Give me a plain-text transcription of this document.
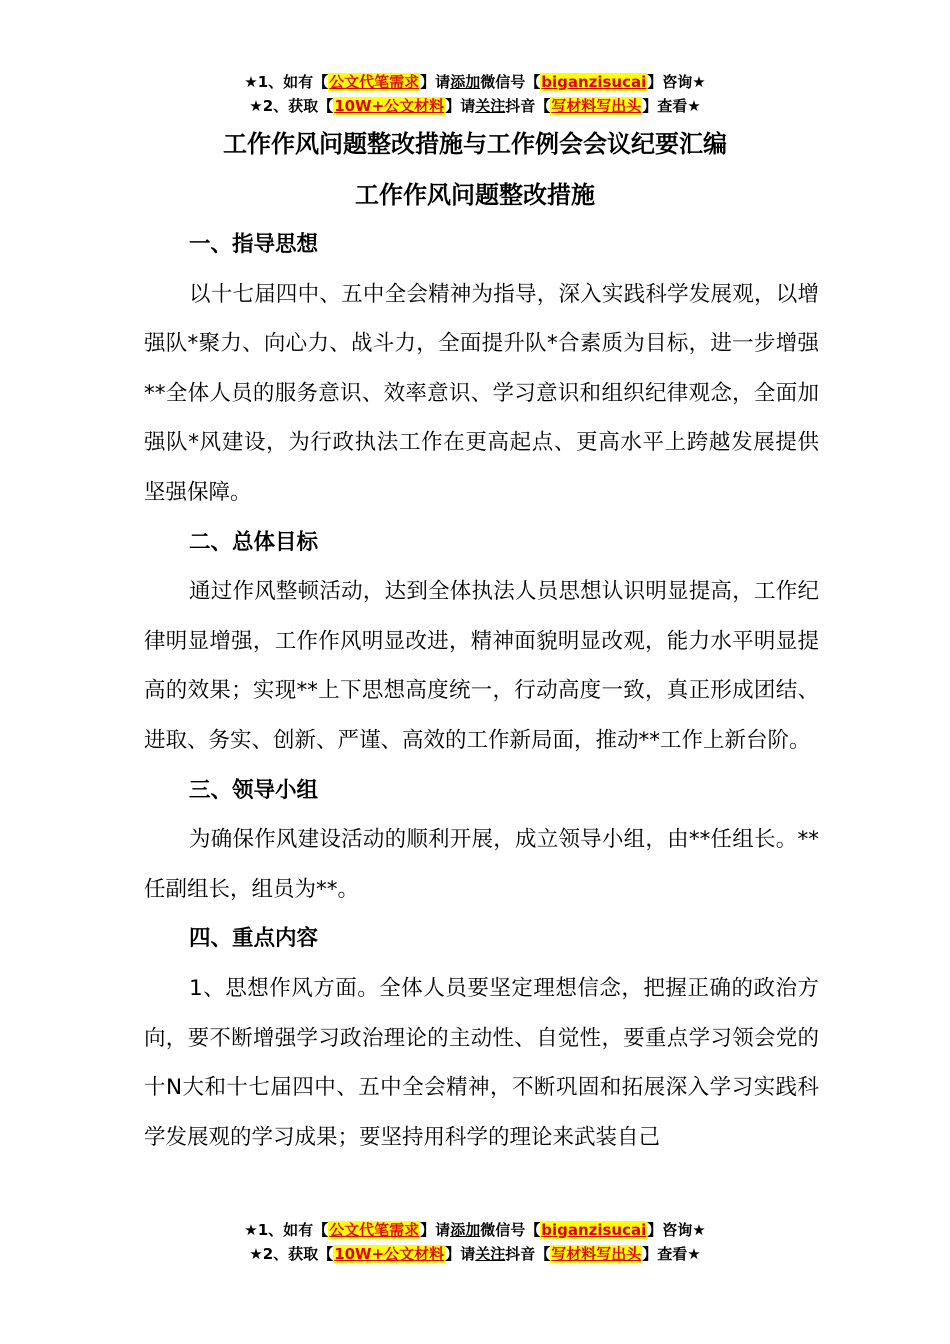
★1、如有【公文代笔需求】请添加微信号【biganzisucai】咨询★
★2、获取【10W+公文材料】请关注抖音【写材料写出头】查看★
工作作风问题整改措施与工作例会会议纪要汇编
工作作风问题整改措施

一、指导思想

以十七届四中、五中全会精神为指导，深入实践科学发展观，以增强队*聚力、向心力、战斗力，全面提升队*合素质为目标，进一步增强**全体人员的服务意识、效率意识、学习意识和组织纪律观念，全面加强队*风建设，为行政执法工作在更高起点、更高水平上跨越发展提供坚强保障。

二、总体目标

通过作风整顿活动，达到全体执法人员思想认识明显提高，工作纪律明显增强，工作作风明显改进，精神面貌明显改观，能力水平明显提高的效果；实现**上下思想高度统一，行动高度一致，真正形成团结、进取、务实、创新、严谨、高效的工作新局面，推动**工作上新台阶。

三、领导小组

为确保作风建设活动的顺利开展，成立领导小组，由**任组长。**任副组长，组员为**。

四、重点内容

1、思想作风方面。全体人员要坚定理想信念，把握正确的政治方向，要不断增强学习政治理论的主动性、自觉性，要重点学习领会党的十N大和十七届四中、五中全会精神，不断巩固和拓展深入学习实践科学发展观的学习成果；要坚持用科学的理论来武装自己

★1、如有【公文代笔需求】请添加微信号【biganzisucai】咨询★
★2、获取【10W+公文材料】请关注抖音【写材料写出头】查看★
